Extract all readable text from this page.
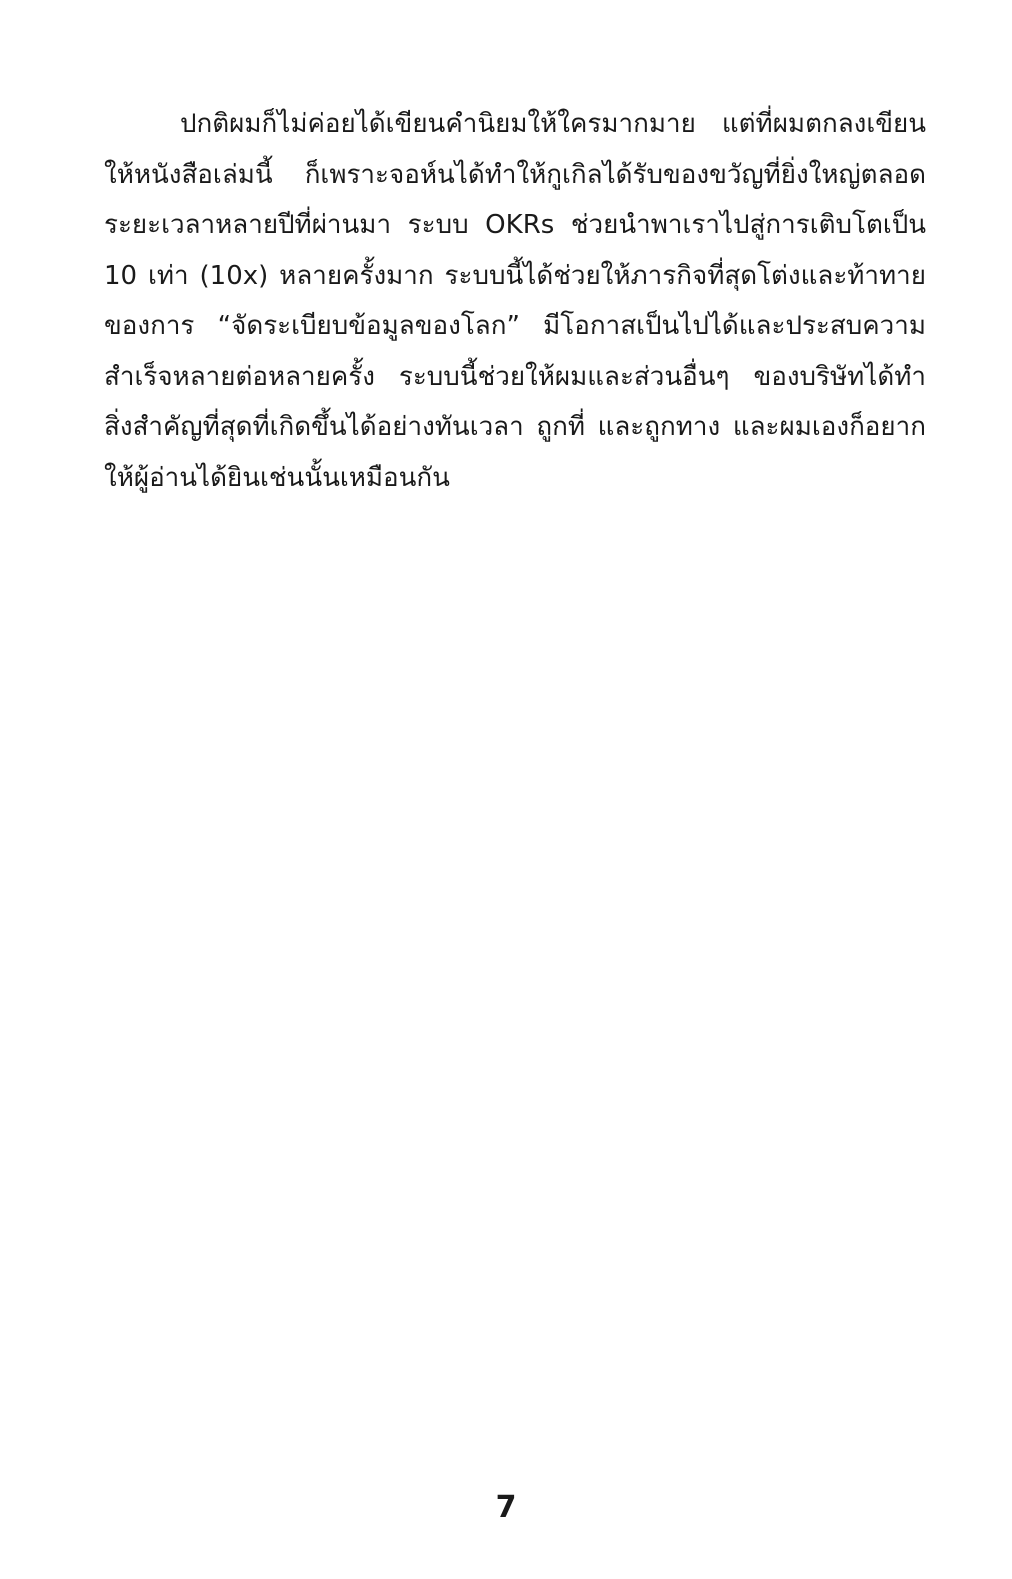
ปกติผมก็ไม่ค่อยได้เขียนคำนิยมให้ใครมากมาย แต่ที่ผมตกลงเขียน
ให้หนังสือเล่มนี้ ก็เพราะจอห์นได้ทำให้กูเกิลได้รับของขวัญที่ยิ่งใหญ่ตลอด
ระยะเวลาหลายปีที่ผ่านมา ระบบ OKRs ช่วยนำพาเราไปสู่การเติบโตเป็น
10 เท่า (10x) หลายครั้งมาก ระบบนี้ได้ช่วยให้ภารกิจที่สุดโต่งและท้าทาย
ของการ “จัดระเบียบข้อมูลของโลก” มีโอกาสเป็นไปได้และประสบความ
สำเร็จหลายต่อหลายครั้ง ระบบนี้ช่วยให้ผมและส่วนอื่นๆ ของบริษัทได้ทำ
สิ่งสำคัญที่สุดที่เกิดขึ้นได้อย่างทันเวลา ถูกที่ และถูกทาง และผมเองก็อยาก
ให้ผู้อ่านได้ยินเช่นนั้นเหมือนกัน
7
